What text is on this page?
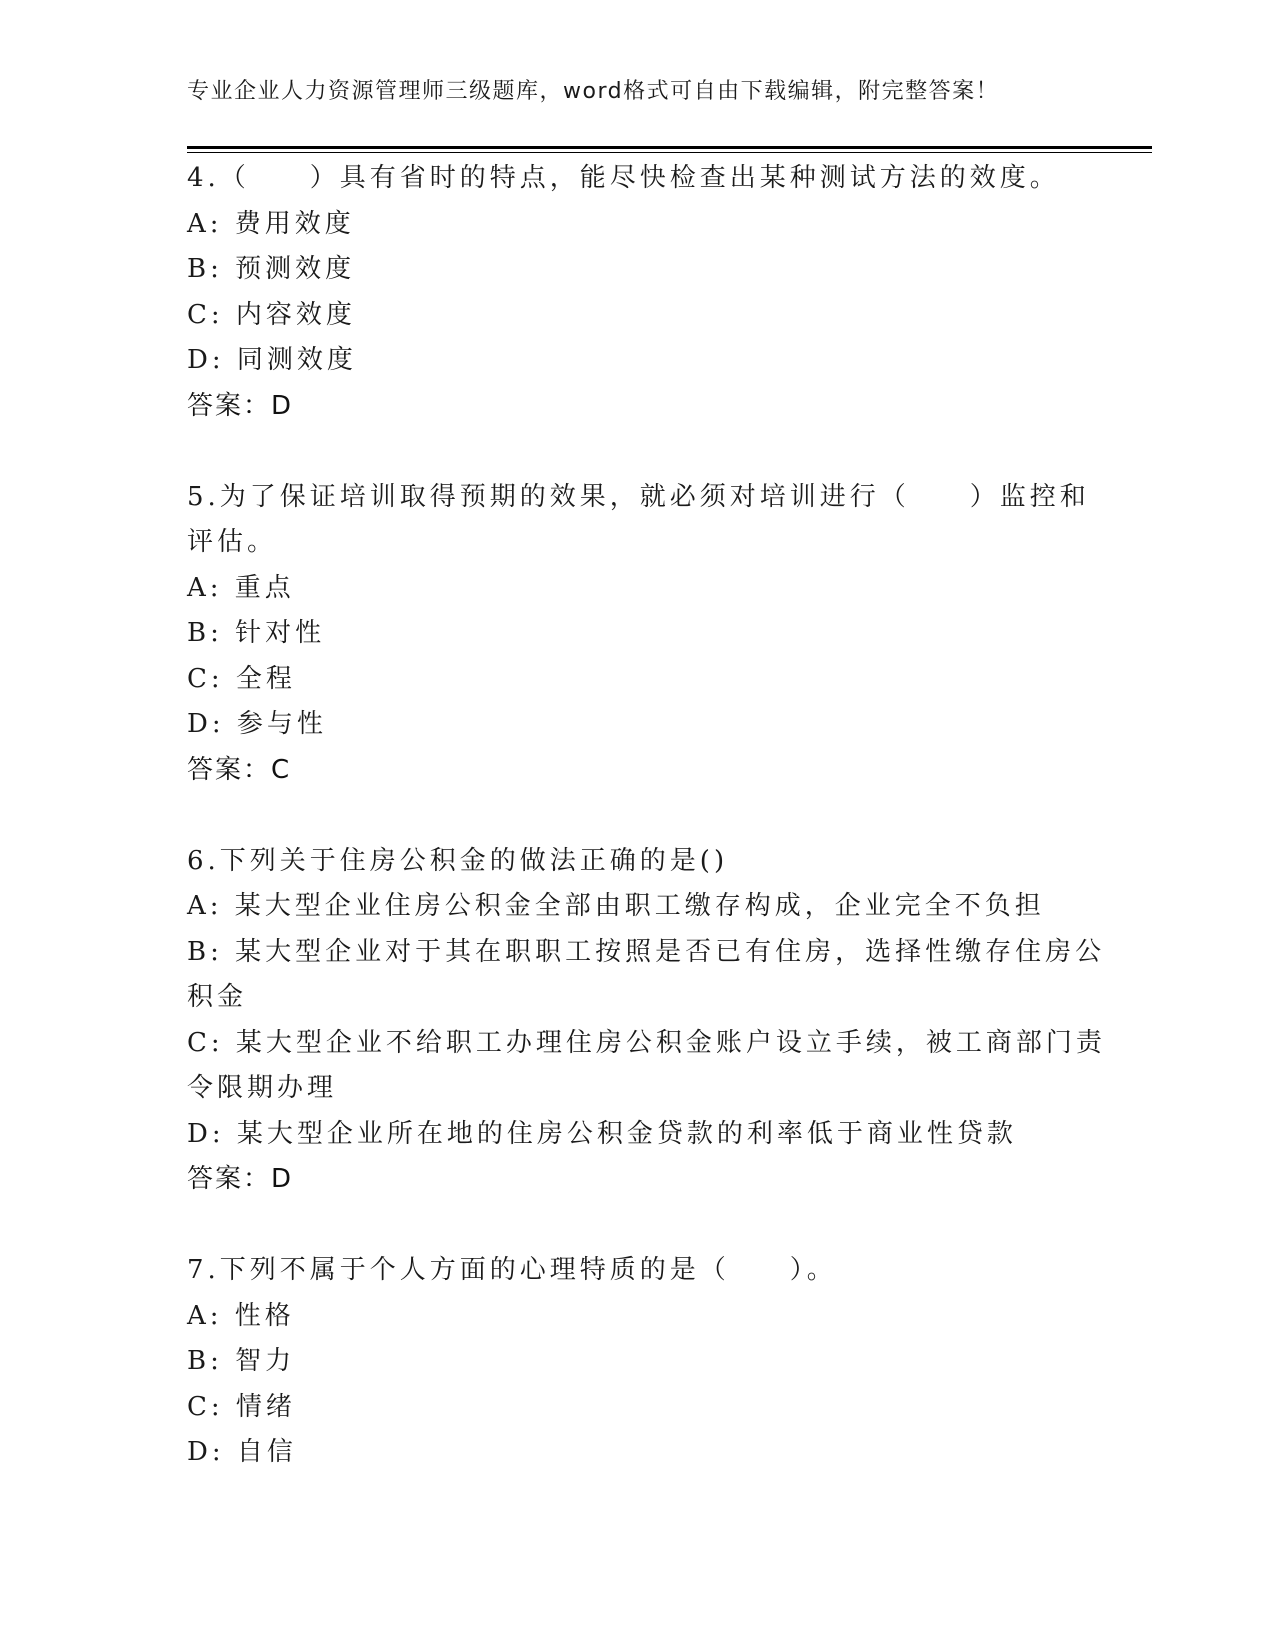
专业企业人力资源管理师三级题库，word格式可自由下载编辑，附完整答案！
4.（　　）具有省时的特点，能尽快检查出某种测试方法的效度。
A: 费用效度
B: 预测效度
C: 内容效度
D: 同测效度
答案：D
5.为了保证培训取得预期的效果，就必须对培训进行（　　）监控和
评估。
A: 重点
B: 针对性
C: 全程
D: 参与性
答案：C
6.下列关于住房公积金的做法正确的是()
A: 某大型企业住房公积金全部由职工缴存构成，企业完全不负担
B: 某大型企业对于其在职职工按照是否已有住房，选择性缴存住房公
积金
C: 某大型企业不给职工办理住房公积金账户设立手续，被工商部门责
令限期办理
D: 某大型企业所在地的住房公积金贷款的利率低于商业性贷款
答案：D
7.下列不属于个人方面的心理特质的是（　　）。
A: 性格
B: 智力
C: 情绪
D: 自信
